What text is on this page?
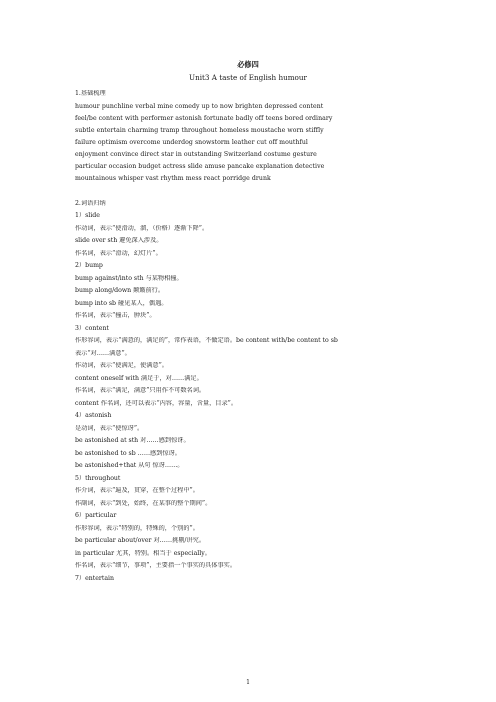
必修四
Unit3 A taste of English humour
1.基础梳理
humour punchline verbal mine comedy up to now brighten depressed content
feel/be content with performer astonish fortunate badly off teens bored ordinary
subtle entertain charming tramp throughout homeless moustache worn stiffly
failure optimism overcome underdog snowstorm leather cut off mouthful
enjoyment convince direct star in outstanding Switzerland costume gesture
particular occasion budget actress slide amuse pancake explanation detective
mountainous whisper vast rhythm mess react porridge drunk
2.词语归纳
1）slide
作动词，表示“使滑动，溜，（价格）逐渐下降”。
slide over sth 避免深入涉及。
作名词，表示“滑动，幻灯片”。
2）bump
bump against/into sth 与某物相撞。
bump along/down 颠簸前行。
bump into sb 碰见某人，偶遇。
作名词，表示“撞击，肿块”。
3）content
作形容词，表示“满意的，满足的”，常作表语，不做定语。be content with/be content to sb
表示“对……满意”。
作动词，表示“使满足，使满意”。
content oneself with 满足于，对……满足。
作名词，表示“满足，满意”只用作不可数名词。
content 作名词，还可以表示“内容，容量，含量，目录”。
4）astonish
是动词，表示“使惊讶”。
be astonished at sth 对……感到惊讶。
be astonished to sb ……感到惊讶。
be astonished+that 从句 惊讶……。
5）throughout
作介词，表示“遍及，贯穿，在整个过程中”。
作副词，表示“到处，始终，在某事的整个期间”。
6）particular
作形容词，表示“特别的，特殊的，个别的”。
be particular about/over 对……挑剔/讲究。
in particular 尤其，特别。相当于 especially。
作名词，表示“细节，事项”，主要指一个事实的具体事实。
7）entertain
1
